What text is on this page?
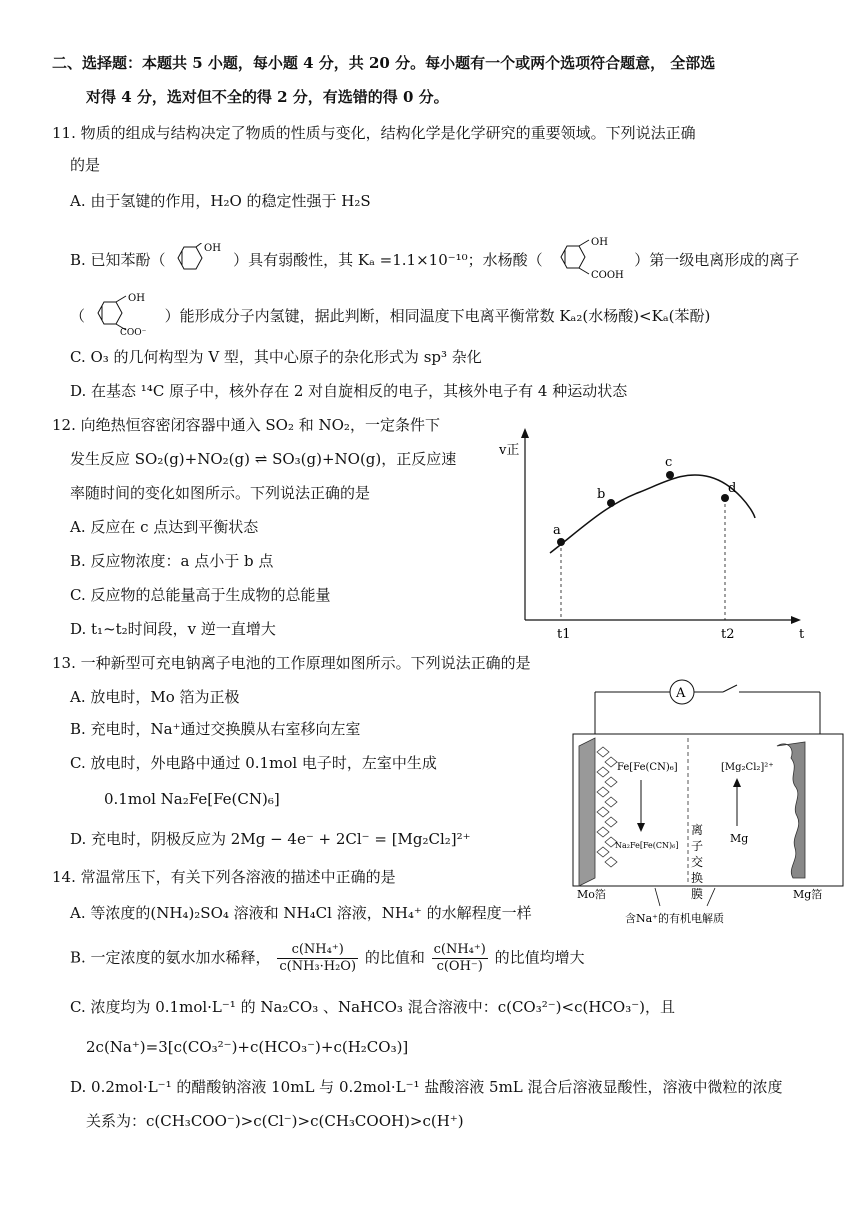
二、选择题：本题共 5 小题，每小题 4 分，共 20 分。每小题有一个或两个选项符合题意， 全部选
对得 4 分，选对但不全的得 2 分，有选错的得 0 分。
11. 物质的组成与结构决定了物质的性质与变化，结构化学是化学研究的重要领域。下列说法正确
的是
A. 由于氢键的作用，H₂O 的稳定性强于 H₂S
B. 已知苯酚（
OH
）具有弱酸性，其 Kₐ =1.1×10⁻¹⁰；水杨酸（
OH
COOH
）第一级电离形成的离子
（
OH
COO⁻
）能形成分子内氢键，据此判断，相同温度下电离平衡常数 Kₐ₂(水杨酸)<Kₐ(苯酚)
C. O₃ 的几何构型为 V 型，其中心原子的杂化形式为 sp³ 杂化
D. 在基态 ¹⁴C 原子中，核外存在 2 对自旋相反的电子，其核外电子有 4 种运动状态
12. 向绝热恒容密闭容器中通入 SO₂ 和 NO₂，一定条件下
发生反应 SO₂(g)+NO₂(g) ⇌ SO₃(g)+NO(g)，正反应速
率随时间的变化如图所示。下列说法正确的是
A. 反应在 c 点达到平衡状态
B. 反应物浓度：a 点小于 b 点
C. 反应物的总能量高于生成物的总能量
D. t₁~t₂时间段，v 逆一直增大
v正
t
a
b
c
d
t1	t2
13. 一种新型可充电钠离子电池的工作原理如图所示。下列说法正确的是
A. 放电时，Mo 箔为正极
B. 充电时，Na⁺通过交换膜从右室移向左室
C. 放电时，外电路中通过 0.1mol 电子时，左室中生成
0.1mol Na₂Fe[Fe(CN)₆]
D. 充电时，阴极反应为 2Mg − 4e⁻ + 2Cl⁻ = [Mg₂Cl₂]²⁺
A
Fe[Fe(CN)₆]
Na₂Fe[Fe(CN)₆]
离
子
交
换
膜
[Mg₂Cl₂]²⁺
Mg
Mo箔	Mg箔
含Na⁺的有机电解质
14. 常温常压下，有关下列各溶液的描述中正确的是
A. 等浓度的(NH₄)₂SO₄ 溶液和 NH₄Cl 溶液，NH₄⁺ 的水解程度一样
B. 一定浓度的氨水加水稀释， $\frac{\text{c(NH₄⁺)}}{\text{c(NH₃·H₂O)}}$ 的比值和 $\frac{\text{c(NH₄⁺)}}{c(OH^-)}$ 的比值均增大
C. 浓度均为 0.1mol·L⁻¹ 的 Na₂CO₃ 、NaHCO₃ 混合溶液中：c(CO₃²⁻)<c(HCO₃⁻)，且
2c(Na⁺)=3[c(CO₃²⁻)+c(HCO₃⁻)+c(H₂CO₃)]
D. 0.2mol·L⁻¹ 的醋酸钠溶液 10mL 与 0.2mol·L⁻¹ 盐酸溶液 5mL 混合后溶液显酸性，溶液中微粒的浓度
关系为：c(CH₃COO⁻)>c(Cl⁻)>c(CH₃COOH)>c(H⁺)
